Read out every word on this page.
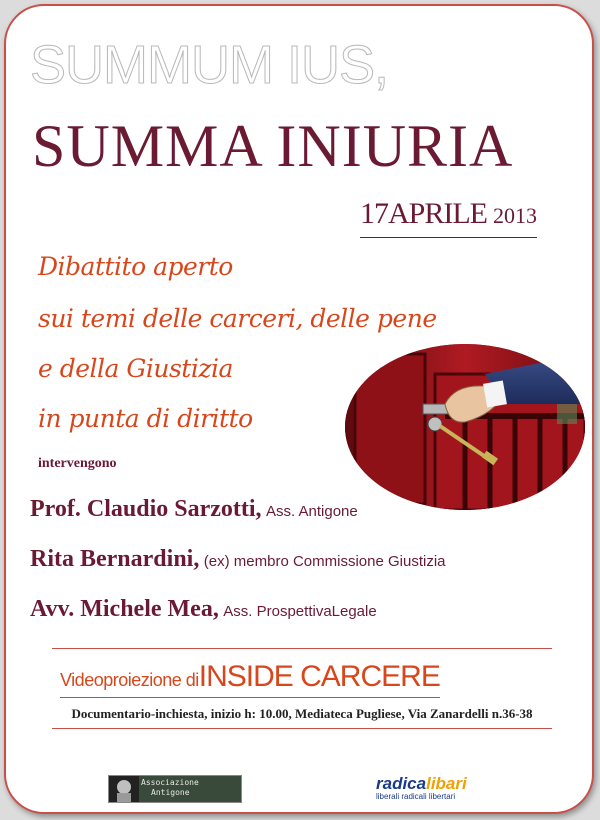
SUMMUM IUS,
SUMMA INIURIA
17APRILE 2013
Dibattito aperto
sui temi delle carceri, delle pene
e della Giustizia
in punta di diritto
intervengono
Prof. Claudio Sarzotti, Ass. Antigone
Rita Bernardini, (ex) membro Commissione Giustizia
Avv. Michele Mea, Ass. ProspettivaLegale
Videoproiezione diINSIDE CARCERE
Documentario-inchiesta, inizio h: 10.00, Mediateca Pugliese, Via Zanardelli n.36-38
Associazione
Antigone	radicalibari
liberali radicali libertari
